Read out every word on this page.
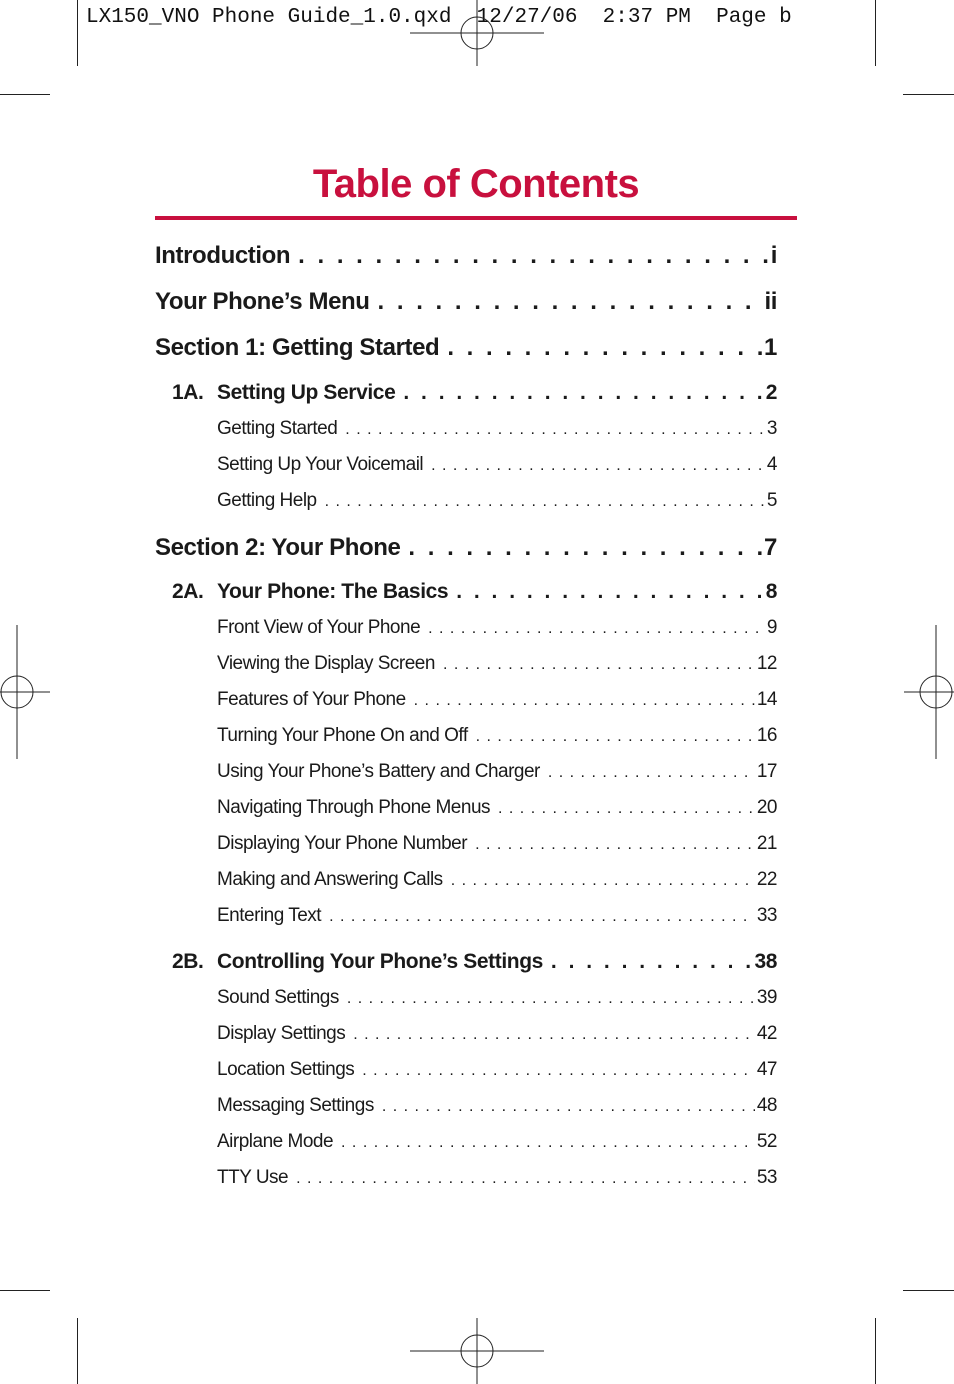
LX150_VNO Phone Guide_1.0.qxd  12/27/06  2:37 PM  Page b
Table of Contents
Introduction . . .	i
Your Phone’s Menu . . .	ii
Section 1: Getting Started . . .	1
1A. Setting Up Service . . .	2
Getting Started . . .	3
Setting Up Your Voicemail . . .	4
Getting Help . . .	5
Section 2: Your Phone . . .	7
2A. Your Phone: The Basics . . .	8
Front View of Your Phone . . .	9
Viewing the Display Screen . . .	12
Features of Your Phone . . .	14
Turning Your Phone On and Off . . .	16
Using Your Phone’s Battery and Charger . . .	17
Navigating Through Phone Menus . . .	20
Displaying Your Phone Number . . .	21
Making and Answering Calls . . .	22
Entering Text . . .	33
2B. Controlling Your Phone’s Settings . . .	38
Sound Settings . . .	39
Display Settings . . .	42
Location Settings . . .	47
Messaging Settings . . .	48
Airplane Mode . . .	52
TTY Use . . .	53
